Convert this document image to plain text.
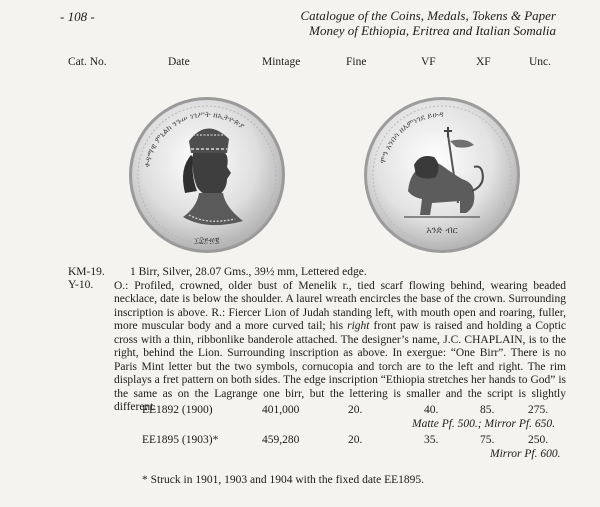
- 108 -	Catalogue of the Coins, Medals, Tokens & Paper
Money of Ethiopia, Eritrea and Italian Somalia
Cat. No.	Date	Mintage	Fine	VF	XF	Unc.
ቀዳማዊ ምኒልክ ንጉሠ ነገሥት ዘኢትዮጵያ
፲፰፻፹፪
ሞዓ አንበሳ ዘእምነገደ ይሁዳ
አንድ ብር
KM-19.
Y-10.

1 Birr, Silver, 28.07 Gms., 39½ mm, Lettered edge.

O.: Profiled, crowned, older bust of Menelik r., tied scarf flowing behind, wearing beaded necklace, date is below the shoulder. A laurel wreath encircles the base of the crown. Surrounding inscription is above. R.: Fiercer Lion of Judah standing left, with mouth open and roaring, fuller, more muscular body and a more curved tail; his right front paw is raised and holding a Coptic cross with a thin, ribbonlike banderole attached. The designer’s name, J.C. CHAPLAIN, is to the right, behind the Lion. Surrounding inscription as above. In exergue: “One Birr”. There is no Paris Mint letter but the two symbols, cornucopia and torch are to the left and right. The rim displays a fret pattern on both sides. The edge inscription “Ethiopia stretches her hands to God” is the same as on the Lagrange one birr, but the lettering is smaller and the script is slightly different.

EE1892 (1900)	401,000	20.	40.	85.	275.
Matte Pf. 500.; Mirror Pf. 650.
EE1895 (1903)*	459,280	20.	35.	75.	250.
Mirror Pf. 600.
* Struck in 1901, 1903 and 1904 with the fixed date EE1895.
